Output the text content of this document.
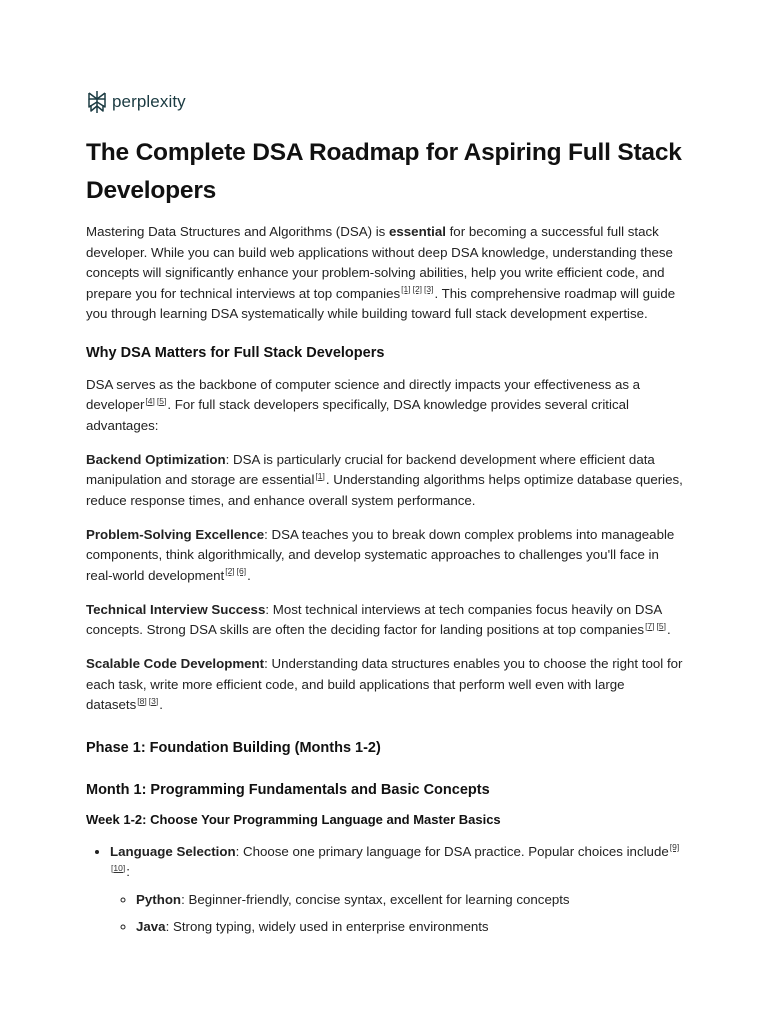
perplexity
The Complete DSA Roadmap for Aspiring Full Stack Developers

Mastering Data Structures and Algorithms (DSA) is essential for becoming a successful full stack developer. While you can build web applications without deep DSA knowledge, understanding these concepts will significantly enhance your problem-solving abilities, help you write efficient code, and prepare you for technical interviews at top companies[1] [2] [3]. This comprehensive roadmap will guide you through learning DSA systematically while building toward full stack development expertise.

Why DSA Matters for Full Stack Developers

DSA serves as the backbone of computer science and directly impacts your effectiveness as a developer[4] [5]. For full stack developers specifically, DSA knowledge provides several critical advantages:

Backend Optimization: DSA is particularly crucial for backend development where efficient data manipulation and storage are essential[1]. Understanding algorithms helps optimize database queries, reduce response times, and enhance overall system performance.

Problem-Solving Excellence: DSA teaches you to break down complex problems into manageable components, think algorithmically, and develop systematic approaches to challenges you'll face in real-world development[2] [6].

Technical Interview Success: Most technical interviews at tech companies focus heavily on DSA concepts. Strong DSA skills are often the deciding factor for landing positions at top companies[7] [5].

Scalable Code Development: Understanding data structures enables you to choose the right tool for each task, write more efficient code, and build applications that perform well even with large datasets[8] [3].

Phase 1: Foundation Building (Months 1-2)
Month 1: Programming Fundamentals and Basic Concepts
Week 1-2: Choose Your Programming Language and Master Basics
• Language Selection: Choose one primary language for DSA practice. Popular choices include[9][10]:
◦ Python: Beginner-friendly, concise syntax, excellent for learning concepts
◦ Java: Strong typing, widely used in enterprise environments
